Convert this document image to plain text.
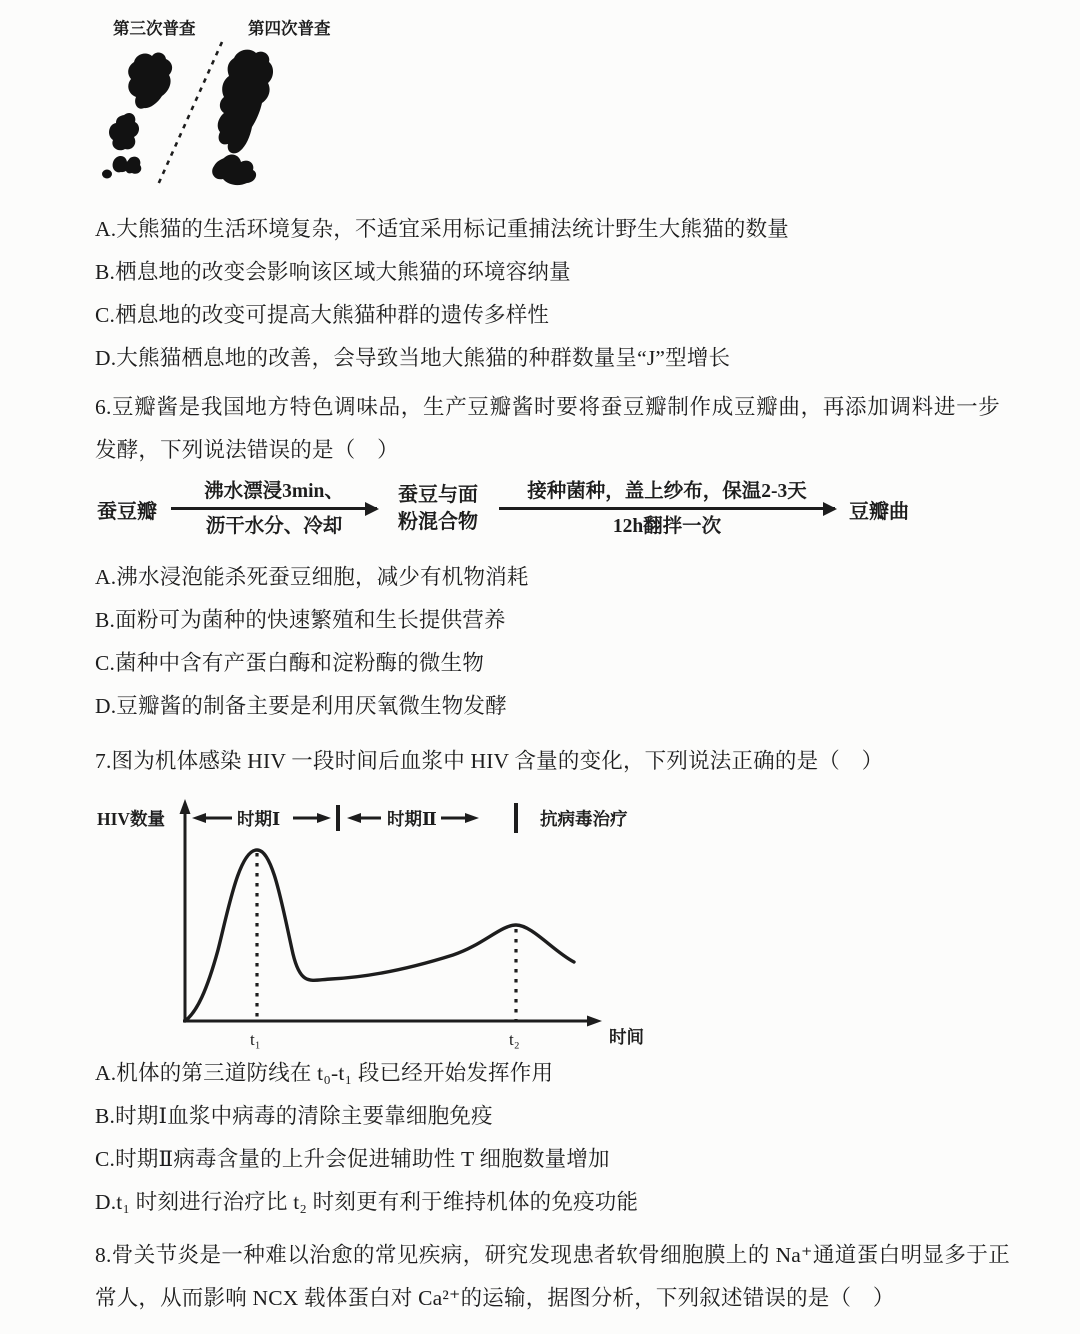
第三次普查	第四次普查

A.大熊猫的生活环境复杂，不适宜采用标记重捕法统计野生大熊猫的数量

B.栖息地的改变会影响该区域大熊猫的环境容纳量

C.栖息地的改变可提高大熊猫种群的遗传多样性

D.大熊猫栖息地的改善，会导致当地大熊猫的种群数量呈“J”型增长

6.豆瓣酱是我国地方特色调味品，生产豆瓣酱时要将蚕豆瓣制作成豆瓣曲，再添加调料进一步发酵，下列说法错误的是（　）
蚕豆瓣
沸水漂浸3min、
沥干水分、冷却
蚕豆与面粉混合物
接种菌种，盖上纱布，保温2-3天
12h翻拌一次
豆瓣曲

A.沸水浸泡能杀死蚕豆细胞，减少有机物消耗

B.面粉可为菌种的快速繁殖和生长提供营养

C.菌种中含有产蛋白酶和淀粉酶的微生物

D.豆瓣酱的制备主要是利用厌氧微生物发酵

7.图为机体感染 HIV 一段时间后血浆中 HIV 含量的变化，下列说法正确的是（　）
HIV数量	时期Ⅰ	时期Ⅱ	抗病毒治疗
t₁	t₂	时间

A.机体的第三道防线在 t₀-t₁ 段已经开始发挥作用

B.时期Ⅰ血浆中病毒的清除主要靠细胞免疫

C.时期Ⅱ病毒含量的上升会促进辅助性 T 细胞数量增加

D.t₁ 时刻进行治疗比 t₂ 时刻更有利于维持机体的免疫功能

8.骨关节炎是一种难以治愈的常见疾病，研究发现患者软骨细胞膜上的 Na⁺通道蛋白明显多于正常人，从而影响 NCX 载体蛋白对 Ca²⁺的运输，据图分析，下列叙述错误的是（　）
